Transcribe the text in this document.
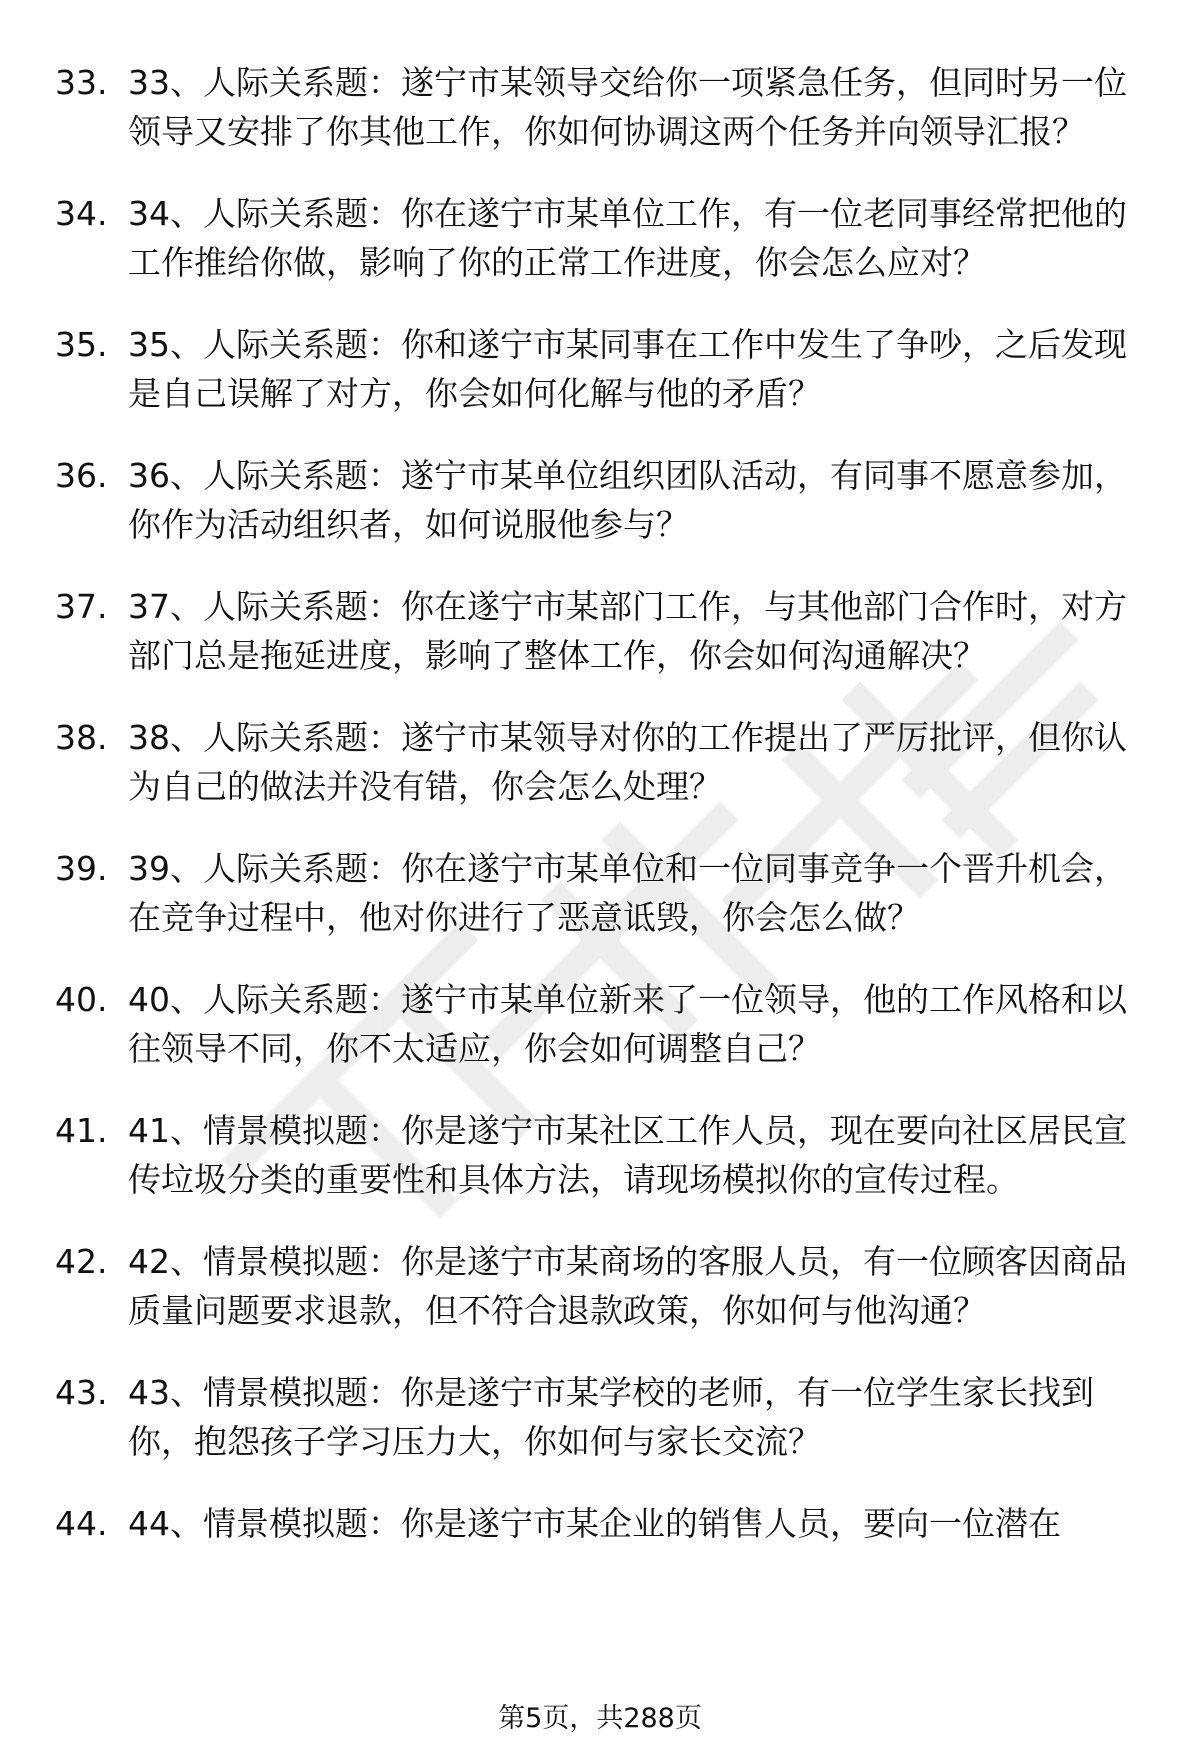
33. 33、人际关系题：遂宁市某领导交给你一项紧急任务，但同时另一位领导又安排了你其他工作，你如何协调这两个任务并向领导汇报？
34. 34、人际关系题：你在遂宁市某单位工作，有一位老同事经常把他的工作推给你做，影响了你的正常工作进度，你会怎么应对？
35. 35、人际关系题：你和遂宁市某同事在工作中发生了争吵，之后发现是自己误解了对方，你会如何化解与他的矛盾？
36. 36、人际关系题：遂宁市某单位组织团队活动，有同事不愿意参加，你作为活动组织者，如何说服他参与？
37. 37、人际关系题：你在遂宁市某部门工作，与其他部门合作时，对方部门总是拖延进度，影响了整体工作，你会如何沟通解决？
38. 38、人际关系题：遂宁市某领导对你的工作提出了严厉批评，但你认为自己的做法并没有错，你会怎么处理？
39. 39、人际关系题：你在遂宁市某单位和一位同事竞争一个晋升机会，在竞争过程中，他对你进行了恶意诋毁，你会怎么做？
40. 40、人际关系题：遂宁市某单位新来了一位领导，他的工作风格和以往领导不同，你不太适应，你会如何调整自己？
41. 41、情景模拟题：你是遂宁市某社区工作人员，现在要向社区居民宣传垃圾分类的重要性和具体方法，请现场模拟你的宣传过程。
42. 42、情景模拟题：你是遂宁市某商场的客服人员，有一位顾客因商品质量问题要求退款，但不符合退款政策，你如何与他沟通？
43. 43、情景模拟题：你是遂宁市某学校的老师，有一位学生家长找到你，抱怨孩子学习压力大，你如何与家长交流？
44. 44、情景模拟题：你是遂宁市某企业的销售人员，要向一位潜在
第5页，共288页
